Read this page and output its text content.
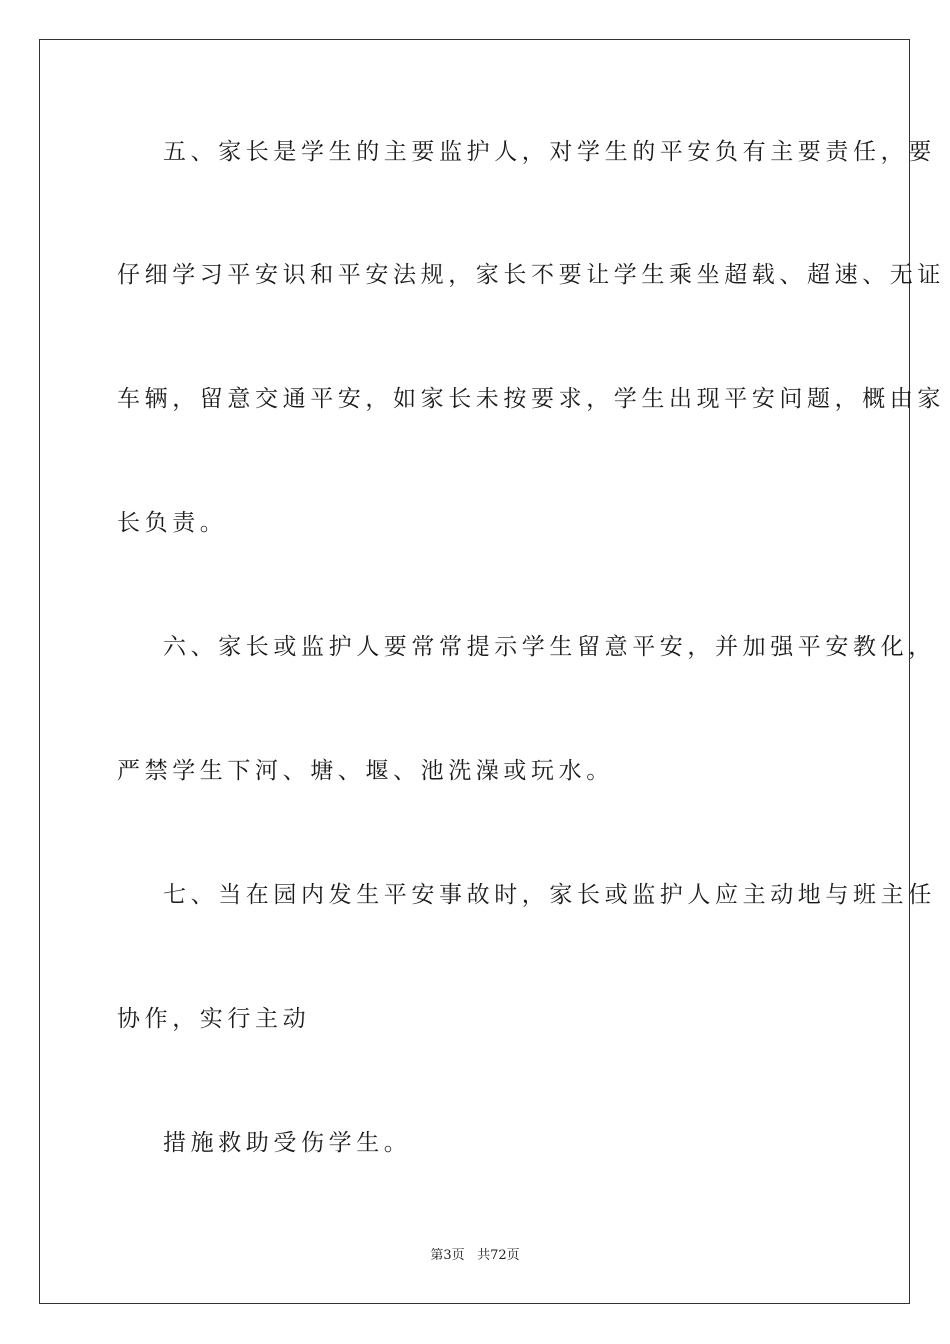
五、家长是学生的主要监护人，对学生的平安负有主要责任，要
仔细学习平安识和平安法规，家长不要让学生乘坐超载、超速、无证
车辆，留意交通平安，如家长未按要求，学生出现平安问题，概由家
长负责。
六、家长或监护人要常常提示学生留意平安，并加强平安教化，
严禁学生下河、塘、堰、池洗澡或玩水。
七、当在园内发生平安事故时，家长或监护人应主动地与班主任
协作，实行主动
措施救助受伤学生。
第3页 共72页
